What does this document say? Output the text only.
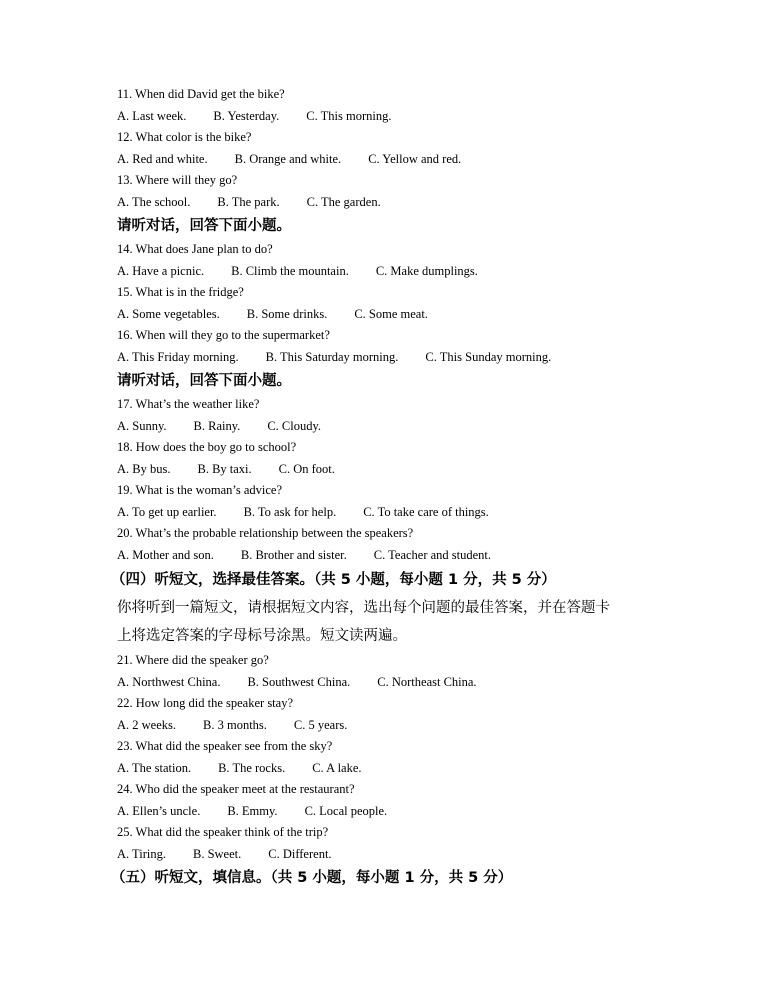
11. When did David get the bike?
A. Last week. B. Yesterday. C. This morning.
12. What color is the bike?
A. Red and white. B. Orange and white. C. Yellow and red.
13. Where will they go?
A. The school. B. The park. C. The garden.
请听对话，回答下面小题。
14. What does Jane plan to do?
A. Have a picnic. B. Climb the mountain. C. Make dumplings.
15. What is in the fridge?
A. Some vegetables. B. Some drinks. C. Some meat.
16. When will they go to the supermarket?
A. This Friday morning. B. This Saturday morning. C. This Sunday morning.
请听对话，回答下面小题。
17. What’s the weather like?
A. Sunny. B. Rainy. C. Cloudy.
18. How does the boy go to school?
A. By bus. B. By taxi. C. On foot.
19. What is the woman’s advice?
A. To get up earlier. B. To ask for help. C. To take care of things.
20. What’s the probable relationship between the speakers?
A. Mother and son. B. Brother and sister. C. Teacher and student.
（四）听短文，选择最佳答案。（共 5 小题，每小题 1 分，共 5 分）
你将听到一篇短文，请根据短文内容，选出每个问题的最佳答案，并在答题卡
上将选定答案的字母标号涂黑。短文读两遍。
21. Where did the speaker go?
A. Northwest China. B. Southwest China. C. Northeast China.
22. How long did the speaker stay?
A. 2 weeks. B. 3 months. C. 5 years.
23. What did the speaker see from the sky?
A. The station. B. The rocks. C. A lake.
24. Who did the speaker meet at the restaurant?
A. Ellen’s uncle. B. Emmy. C. Local people.
25. What did the speaker think of the trip?
A. Tiring. B. Sweet. C. Different.
（五）听短文，填信息。（共 5 小题，每小题 1 分，共 5 分）
